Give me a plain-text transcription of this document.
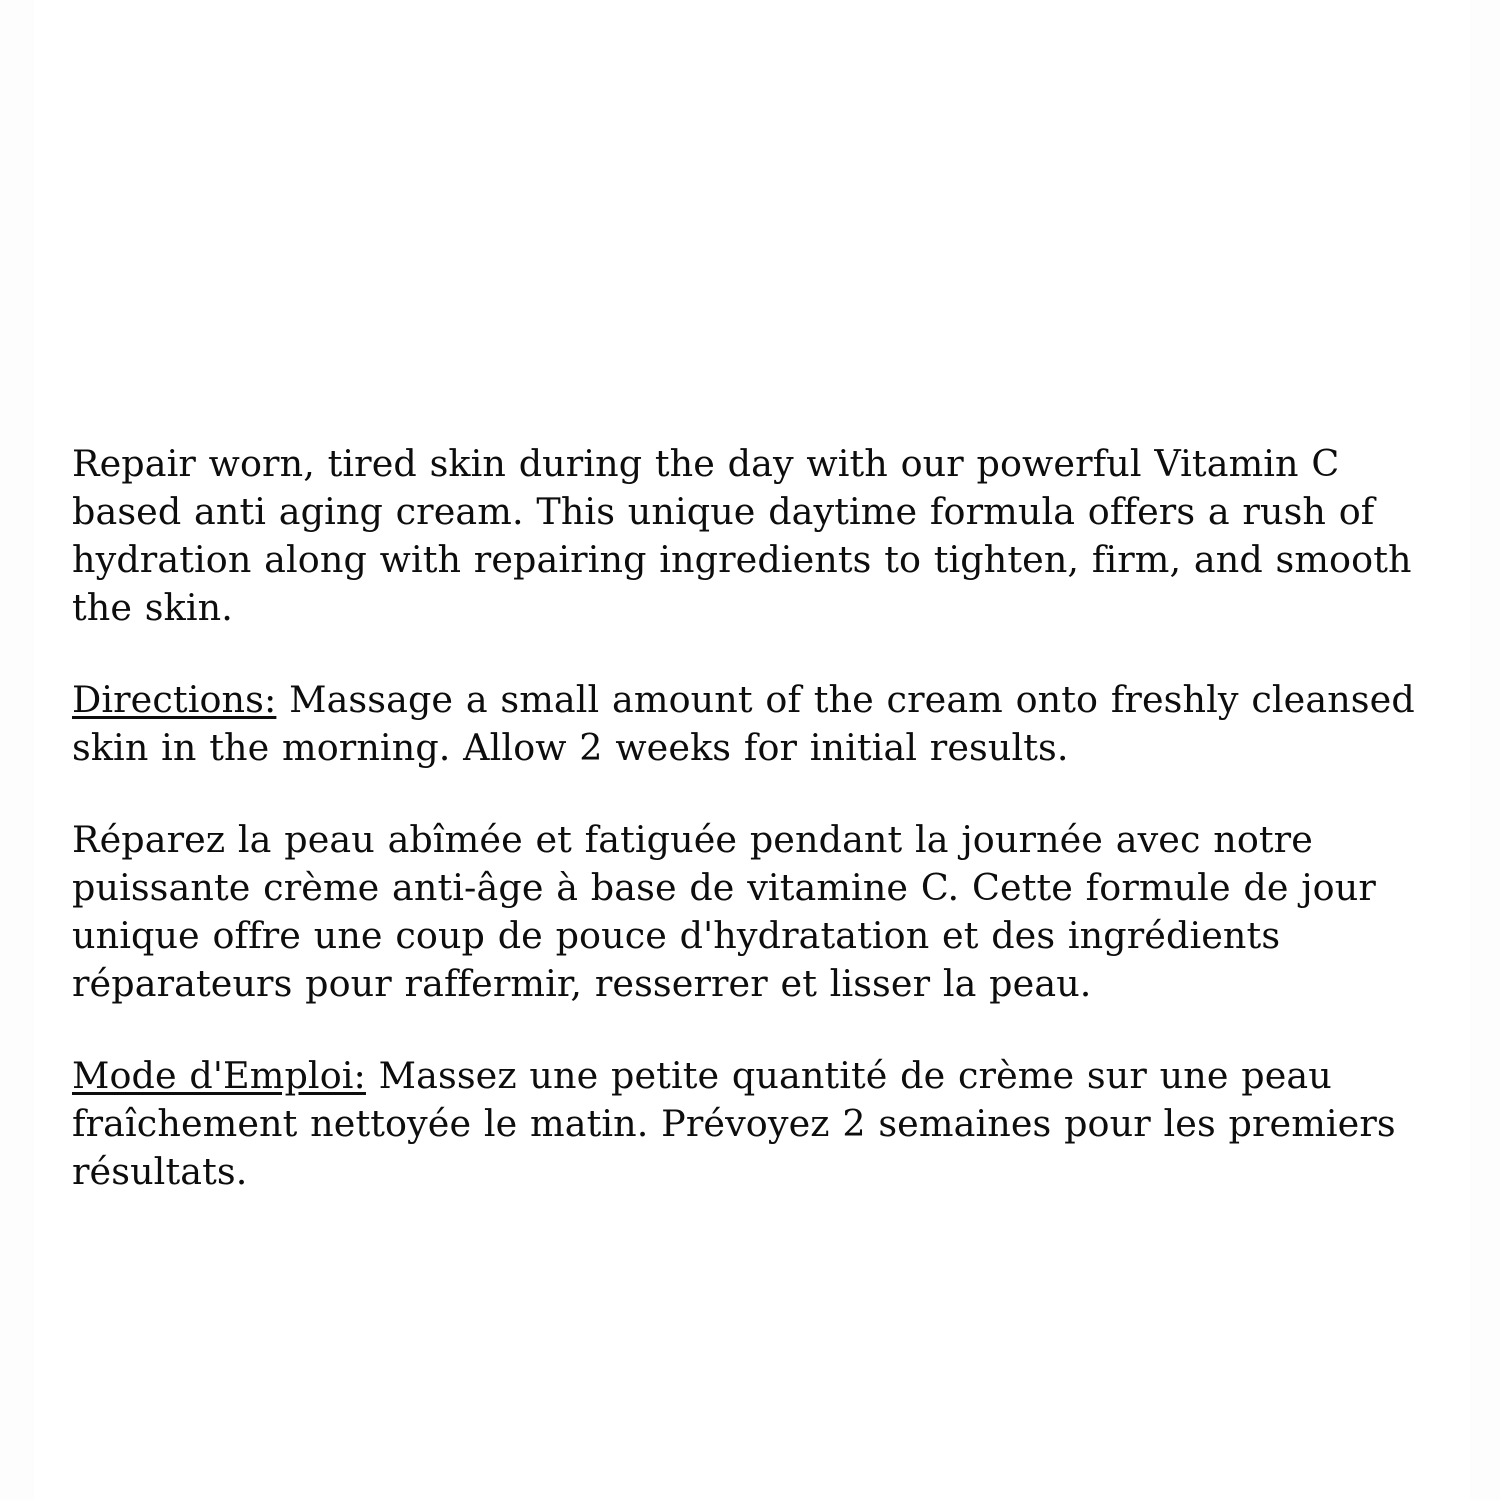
Repair worn, tired skin during the day with our powerful Vitamin C based anti aging cream. This unique daytime formula offers a rush of hydration along with repairing ingredients to tighten, firm, and smooth the skin.

Directions: Massage a small amount of the cream onto freshly cleansed skin in the morning. Allow 2 weeks for initial results.

Réparez la peau abîmée et fatiguée pendant la journée avec notre puissante crème anti-âge à base de vitamine C. Cette formule de jour unique offre une coup de pouce d'hydratation et des ingrédients réparateurs pour raffermir, resserrer et lisser la peau.

Mode d'Emploi: Massez une petite quantité de crème sur une peau fraîchement nettoyée le matin. Prévoyez 2 semaines pour les premiers résultats.
